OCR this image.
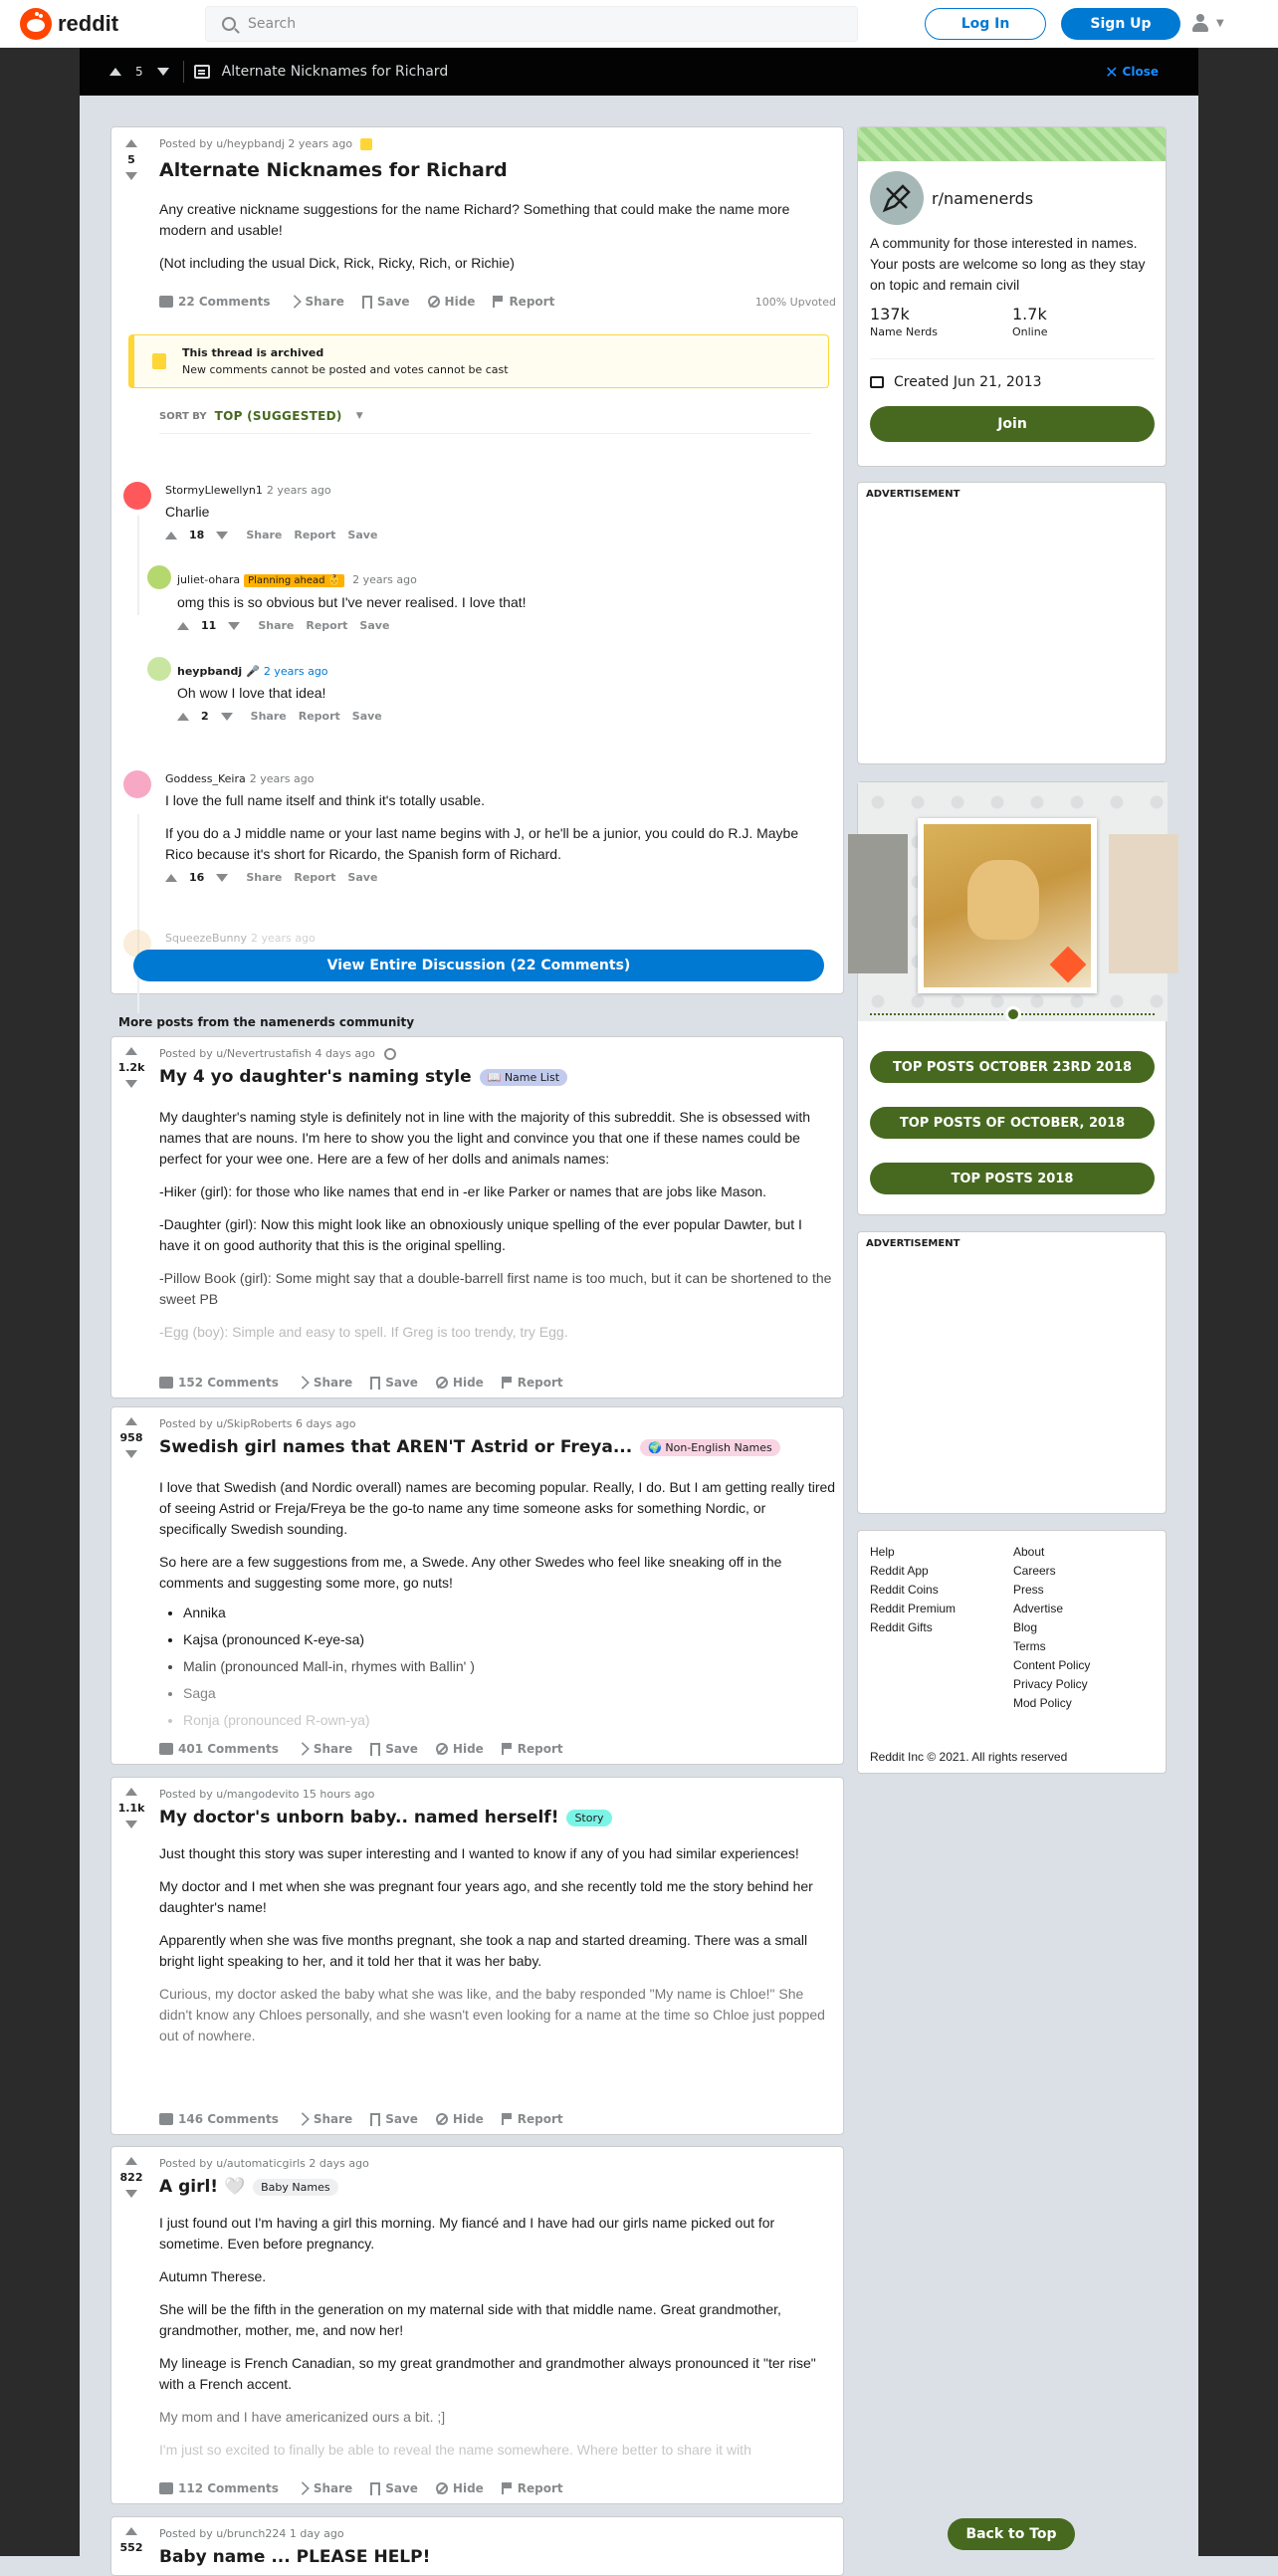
reddit	Search	Log In	Sign Up	▼
5	Alternate Nicknames for Richard	✕ Close
5
Posted by u/heypbandj 2 years ago
Alternate Nicknames for Richard

Any creative nickname suggestions for the name Richard? Something that could make the name more modern and usable!

(Not including the usual Dick, Rick, Ricky, Rich, or Richie)

22 Comments	Share	Save	Hide	Report	100% Upvoted
This thread is archived
New comments cannot be posted and votes cannot be cast
SORT BY TOP (SUGGESTED) ▼
StormyLlewellyn1 2 years ago
Charlie
18	Share Report Save
juliet-ohara Planning ahead 👶 2 years ago
omg this is so obvious but I've never realised. I love that!
11	Share Report Save
heypbandj 🎤 2 years ago
Oh wow I love that idea!
2	Share Report Save
Goddess_Keira 2 years ago
I love the full name itself and think it's totally usable.
If you do a J middle name or your last name begins with J, or he'll be a junior, you could do R.J. Maybe Rico because it's short for Ricardo, the Spanish form of Richard.
16	Share Report Save
SqueezeBunny 2 years ago
View Entire Discussion (22 Comments)
More posts from the namenerds community
1.2k
Posted by u/Nevertrustafish 4 days ago
My 4 yo daughter's naming style	📖 Name List

My daughter's naming style is definitely not in line with the majority of this subreddit. She is obsessed with names that are nouns. I'm here to show you the light and convince you that one if these names could be perfect for your wee one. Here are a few of her dolls and animals names:

-Hiker (girl): for those who like names that end in -er like Parker or names that are jobs like Mason.

-Daughter (girl): Now this might look like an obnoxiously unique spelling of the ever popular Dawter, but I have it on good authority that this is the original spelling.

-Pillow Book (girl): Some might say that a double-barrell first name is too much, but it can be shortened to the sweet PB

-Egg (boy): Simple and easy to spell. If Greg is too trendy, try Egg.

152 Comments	Share	Save	Hide	Report
958
Posted by u/SkipRoberts 6 days ago
Swedish girl names that AREN'T Astrid or Freya...	🌍 Non-English Names

I love that Swedish (and Nordic overall) names are becoming popular. Really, I do. But I am getting really tired of seeing Astrid or Freja/Freya be the go-to name any time someone asks for something Nordic, or specifically Swedish sounding.

So here are a few suggestions from me, a Swede. Any other Swedes who feel like sneaking off in the comments and suggesting some more, go nuts!

• Annika
• Kajsa (pronounced K-eye-sa)
• Malin (pronounced Mall-in, rhymes with Ballin' )
• Saga
• Ronja (pronounced R-own-ya)
401 Comments	Share	Save	Hide	Report
1.1k
Posted by u/mangodevito 15 hours ago
My doctor's unborn baby.. named herself!	Story

Just thought this story was super interesting and I wanted to know if any of you had similar experiences!

My doctor and I met when she was pregnant four years ago, and she recently told me the story behind her daughter's name!

Apparently when she was five months pregnant, she took a nap and started dreaming. There was a small bright light speaking to her, and it told her that it was her baby.

Curious, my doctor asked the baby what she was like, and the baby responded "My name is Chloe!" She didn't know any Chloes personally, and she wasn't even looking for a name at the time so Chloe just popped out of nowhere.

146 Comments	Share	Save	Hide	Report
822
Posted by u/automaticgirls 2 days ago
A girl! 🤍	Baby Names

I just found out I'm having a girl this morning. My fiancé and I have had our girls name picked out for sometime. Even before pregnancy.

Autumn Therese.

She will be the fifth in the generation on my maternal side with that middle name. Great grandmother, grandmother, mother, me, and now her!

My lineage is French Canadian, so my great grandmother and grandmother always pronounced it "ter rise" with a French accent.

My mom and I have americanized ours a bit. ;]

I'm just so excited to finally be able to reveal the name somewhere. Where better to share it with

112 Comments	Share	Save	Hide	Report
552
Posted by u/brunch224 1 day ago
Baby name ... PLEASE HELP!
r/namenerds
A community for those interested in names. Your posts are welcome so long as they stay on topic and remain civil
137k
Name Nerds
1.7k
Online
Created Jun 21, 2013
Join
ADVERTISEMENT
TOP POSTS OCTOBER 23RD 2018
TOP POSTS OF OCTOBER, 2018
TOP POSTS 2018
ADVERTISEMENT
Help
Reddit App
Reddit Coins
Reddit Premium
Reddit Gifts
About
Careers
Press
Advertise
Blog
Terms
Content Policy
Privacy Policy
Mod Policy
Reddit Inc © 2021. All rights reserved
Back to Top
